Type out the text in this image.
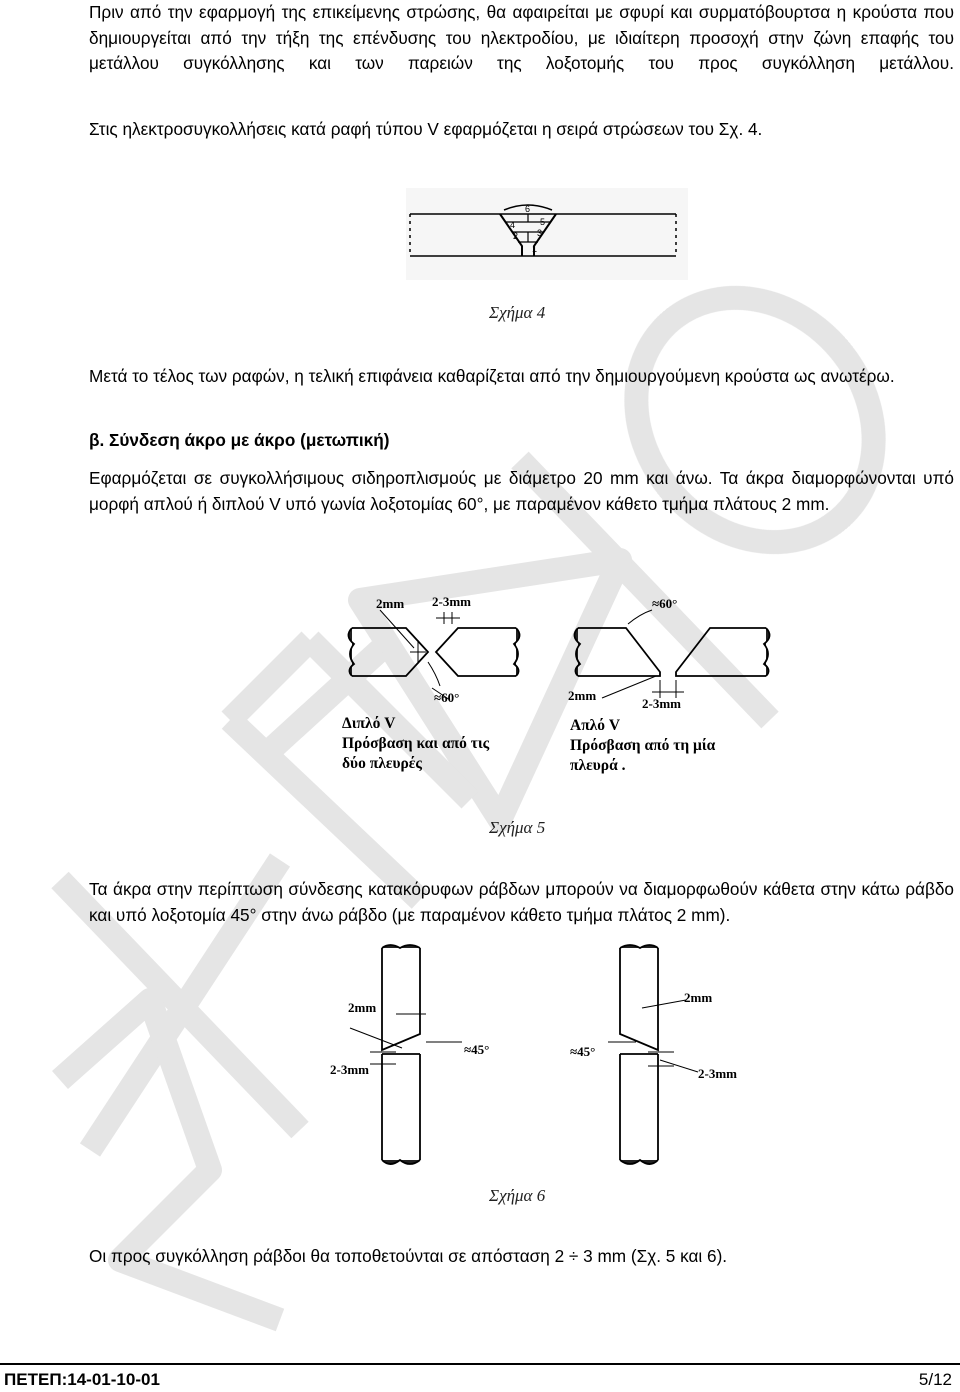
Πριν από την εφαρμογή της επικείμενης στρώσης, θα αφαιρείται με σφυρί και συρματόβουρτσα η κρούστα που δημιουργείται από την τήξη της επένδυσης του ηλεκτροδίου, με ιδιαίτερη προσοχή στην ζώνη επαφής του μετάλλου συγκόλλησης και των παρειών της λοξοτομής του προς συγκόλληση μετάλλου.
Στις ηλεκτροσυγκολλήσεις κατά ραφή τύπου V εφαρμόζεται η σειρά στρώσεων του Σχ. 4.
1
2 3
4	5
6
Σχήμα 4
Μετά το τέλος των ραφών, η τελική επιφάνεια καθαρίζεται από την δημιουργούμενη κρούστα ως ανωτέρω.
β. Σύνδεση άκρο με άκρο (μετωπική)
Εφαρμόζεται σε συγκολλήσιμους σιδηροπλισμούς με διάμετρο 20 mm και άνω. Τα άκρα διαμορφώνονται υπό μορφή απλού ή διπλού V υπό γωνία λοξοτομίας 60°, με παραμένον κάθετο τμήμα πλάτους 2 mm.
2mm 2-3mm
≈60°
Διπλό V
Πρόσβαση και από τις
δύο πλευρές
≈60°
2mm
2-3mm
Απλό V
Πρόσβαση από τη μία
πλευρά .
Σχήμα 5
Τα άκρα στην περίπτωση σύνδεσης κατακόρυφων ράβδων μπορούν να διαμορφωθούν κάθετα στην κάτω ράβδο και υπό λοξοτομία 45° στην άνω ράβδο (με παραμένον κάθετο τμήμα πλάτος 2 mm).
2mm
≈45°
2-3mm
2mm
≈45°
2-3mm
Σχήμα 6
Οι προς συγκόλληση ράβδοι θα τοποθετούνται σε απόσταση 2 ÷ 3 mm (Σχ. 5 και 6).
ΠΕΤΕΠ:14-01-10-01	5/12
